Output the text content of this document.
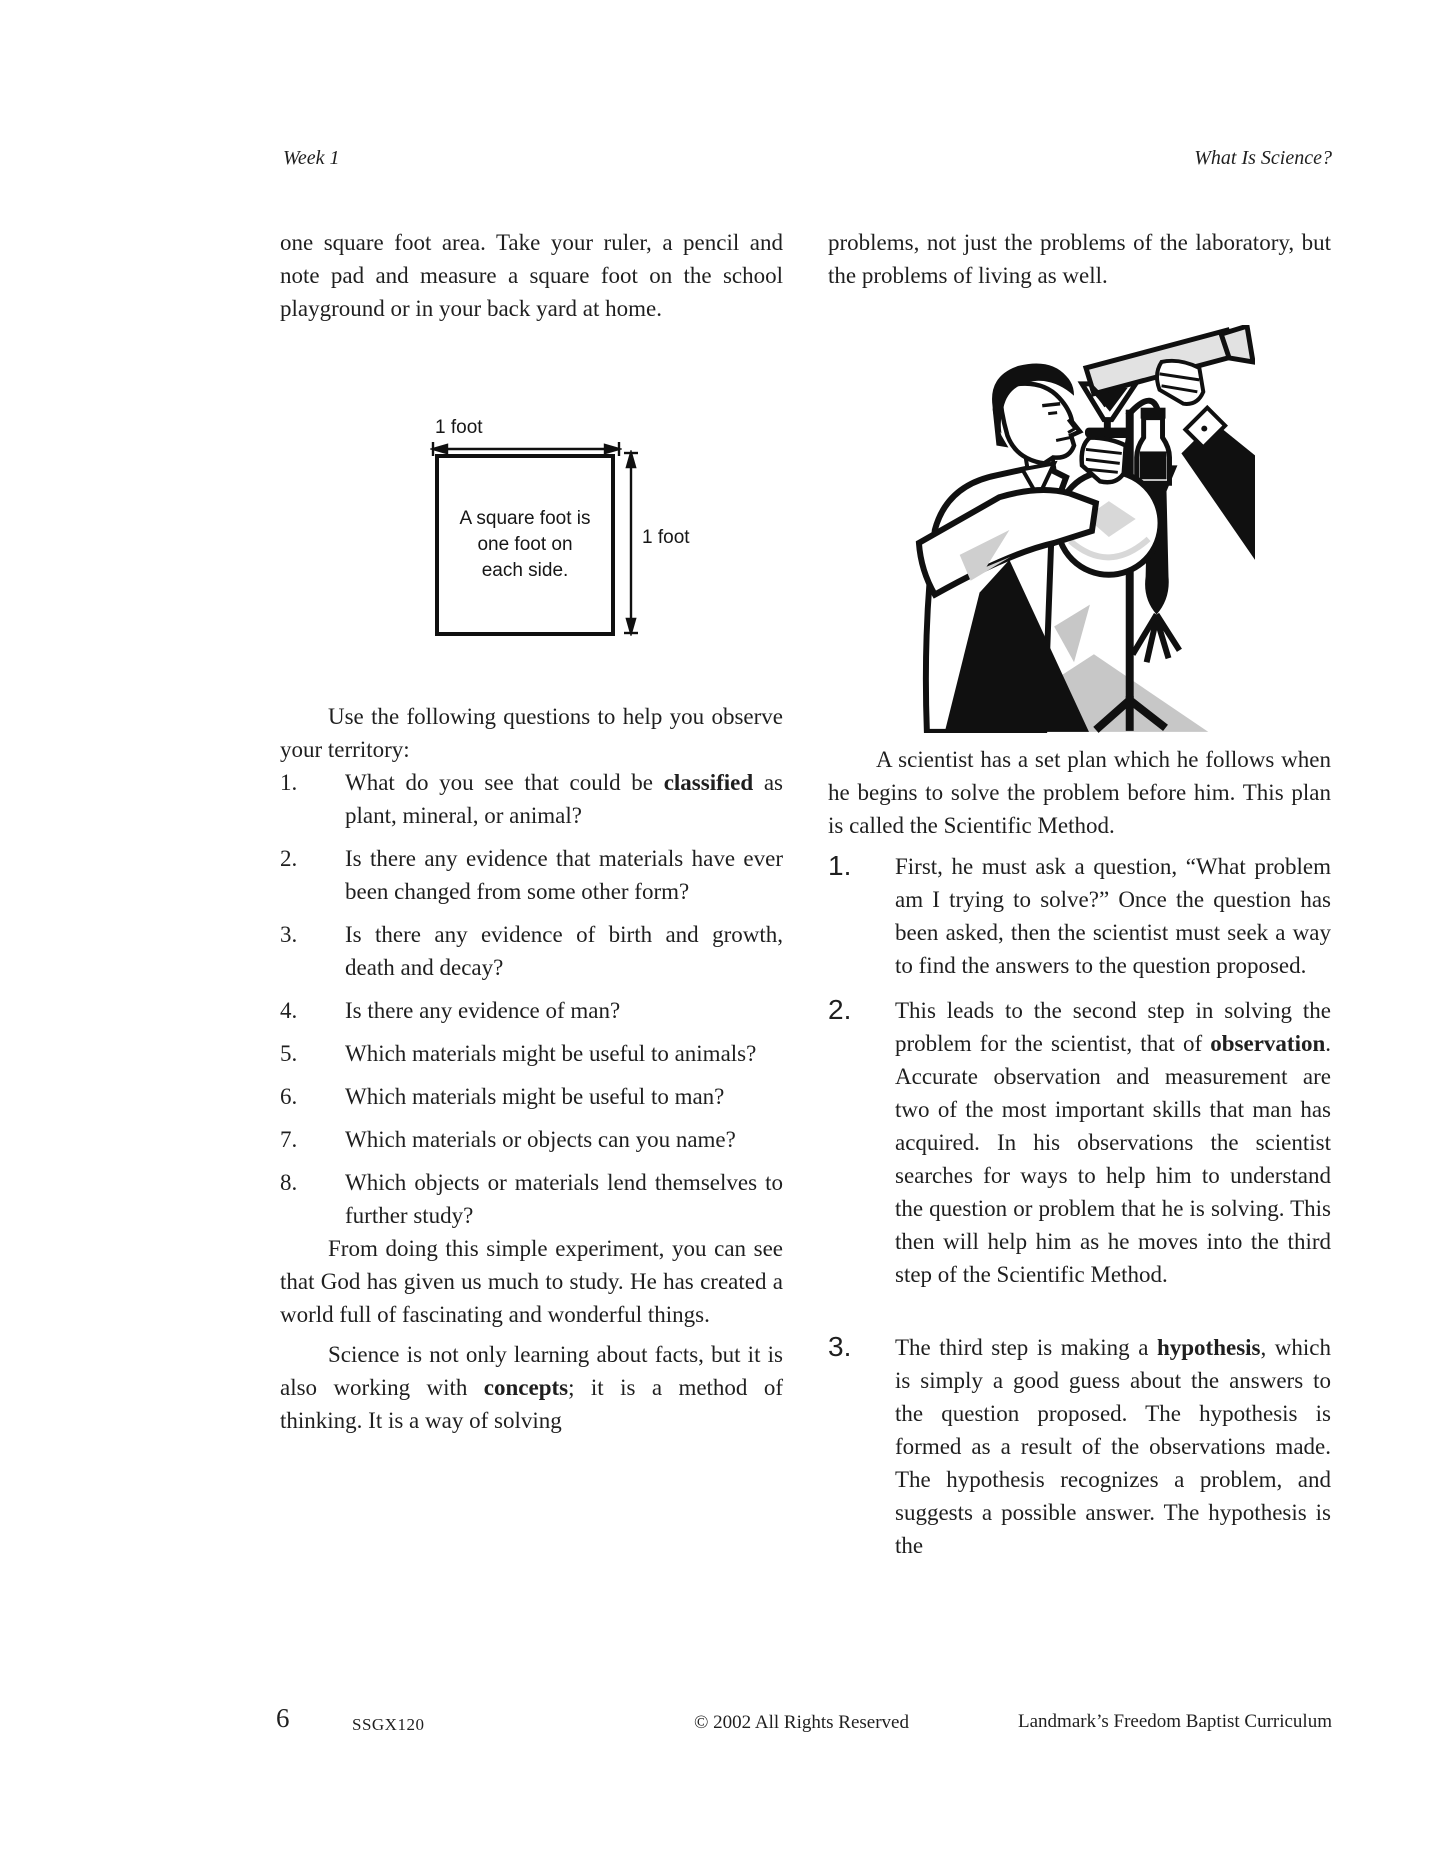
Week 1	What Is Science?

one square foot area. Take your ruler, a pencil and note pad and measure a square foot on the school playground or in your back yard at home.

1 foot
A square foot is one foot on each side.
1 foot

Use the following questions to help you observe your territory:

1.	What do you see that could be classified as plant, mineral, or animal?
2.	Is there any evidence that materials have ever been changed from some other form?
3.	Is there any evidence of birth and growth, death and decay?
4.	Is there any evidence of man?
5.	Which materials might be useful to animals?
6.	Which materials might be useful to man?
7.	Which materials or objects can you name?
8.	Which objects or materials lend themselves to further study?

From doing this simple experiment, you can see that God has given us much to study. He has created a world full of fascinating and wonderful things.

Science is not only learning about facts, but it is also working with concepts; it is a method of thinking. It is a way of solving

problems, not just the problems of the laboratory, but the problems of living as well.

A scientist has a set plan which he follows when he begins to solve the problem before him. This plan is called the Scientific Method.

1.	First, he must ask a question, “What problem am I trying to solve?” Once the question has been asked, then the scientist must seek a way to find the answers to the question proposed.
2.	This leads to the second step in solving the problem for the scientist, that of observation. Accurate observation and measurement are two of the most important skills that man has acquired. In his observations the scientist searches for ways to help him to understand the question or problem that he is solving. This then will help him as he moves into the third step of the Scientific Method.
3.	The third step is making a hypothesis, which is simply a good guess about the answers to the question proposed. The hypothesis is formed as a result of the observations made. The hypothesis recognizes a problem, and suggests a possible answer. The hypothesis is the
6	SSGX120	© 2002 All Rights Reserved	Landmark’s Freedom Baptist Curriculum
